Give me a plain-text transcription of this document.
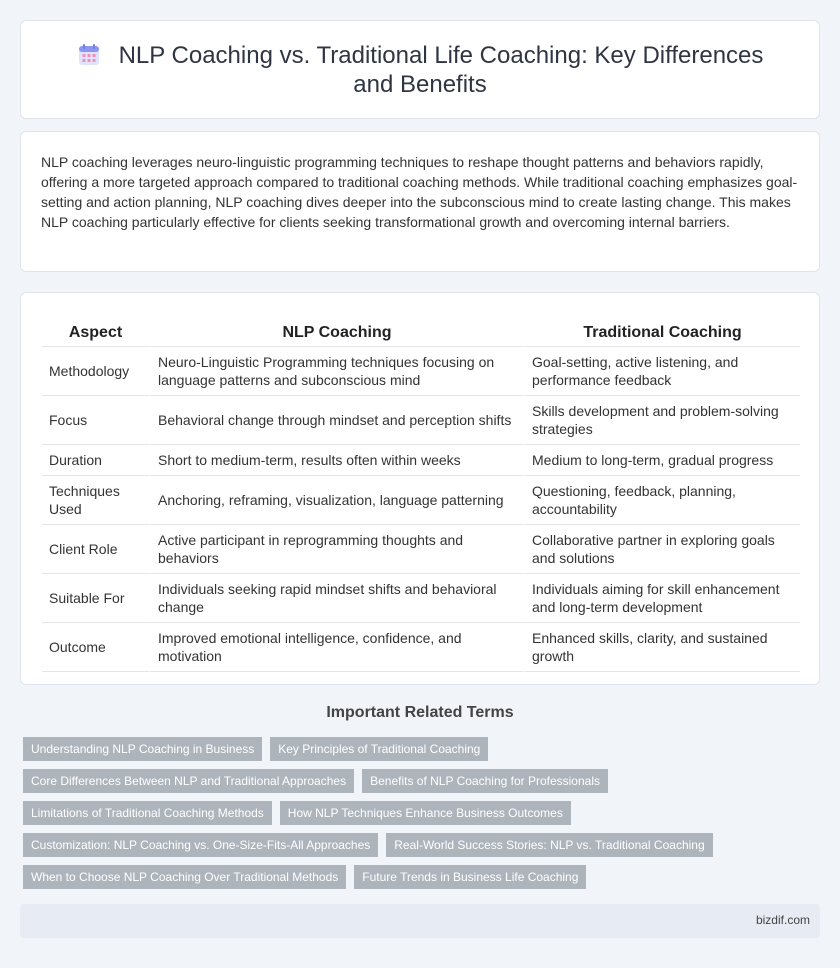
NLP Coaching vs. Traditional Life Coaching: Key Differences and Benefits

NLP coaching leverages neuro-linguistic programming techniques to reshape thought patterns and behaviors rapidly, offering a more targeted approach compared to traditional coaching methods. While traditional coaching emphasizes goal-setting and action planning, NLP coaching dives deeper into the subconscious mind to create lasting change. This makes NLP coaching particularly effective for clients seeking transformational growth and overcoming internal barriers.

Aspect	NLP Coaching	Traditional Coaching
Methodology	Neuro-Linguistic Programming techniques focusing on language patterns and subconscious mind	Goal-setting, active listening, and performance feedback
Focus	Behavioral change through mindset and perception shifts	Skills development and problem-solving strategies
Duration	Short to medium-term, results often within weeks	Medium to long-term, gradual progress
Techniques Used	Anchoring, reframing, visualization, language patterning	Questioning, feedback, planning, accountability
Client Role	Active participant in reprogramming thoughts and behaviors	Collaborative partner in exploring goals and solutions
Suitable For	Individuals seeking rapid mindset shifts and behavioral change	Individuals aiming for skill enhancement and long-term development
Outcome	Improved emotional intelligence, confidence, and motivation	Enhanced skills, clarity, and sustained growth
Important Related Terms
Understanding NLP Coaching in Business	Key Principles of Traditional Coaching
Core Differences Between NLP and Traditional Approaches	Benefits of NLP Coaching for Professionals
Limitations of Traditional Coaching Methods	How NLP Techniques Enhance Business Outcomes
Customization: NLP Coaching vs. One-Size-Fits-All Approaches	Real-World Success Stories: NLP vs. Traditional Coaching
When to Choose NLP Coaching Over Traditional Methods	Future Trends in Business Life Coaching
bizdif.com
